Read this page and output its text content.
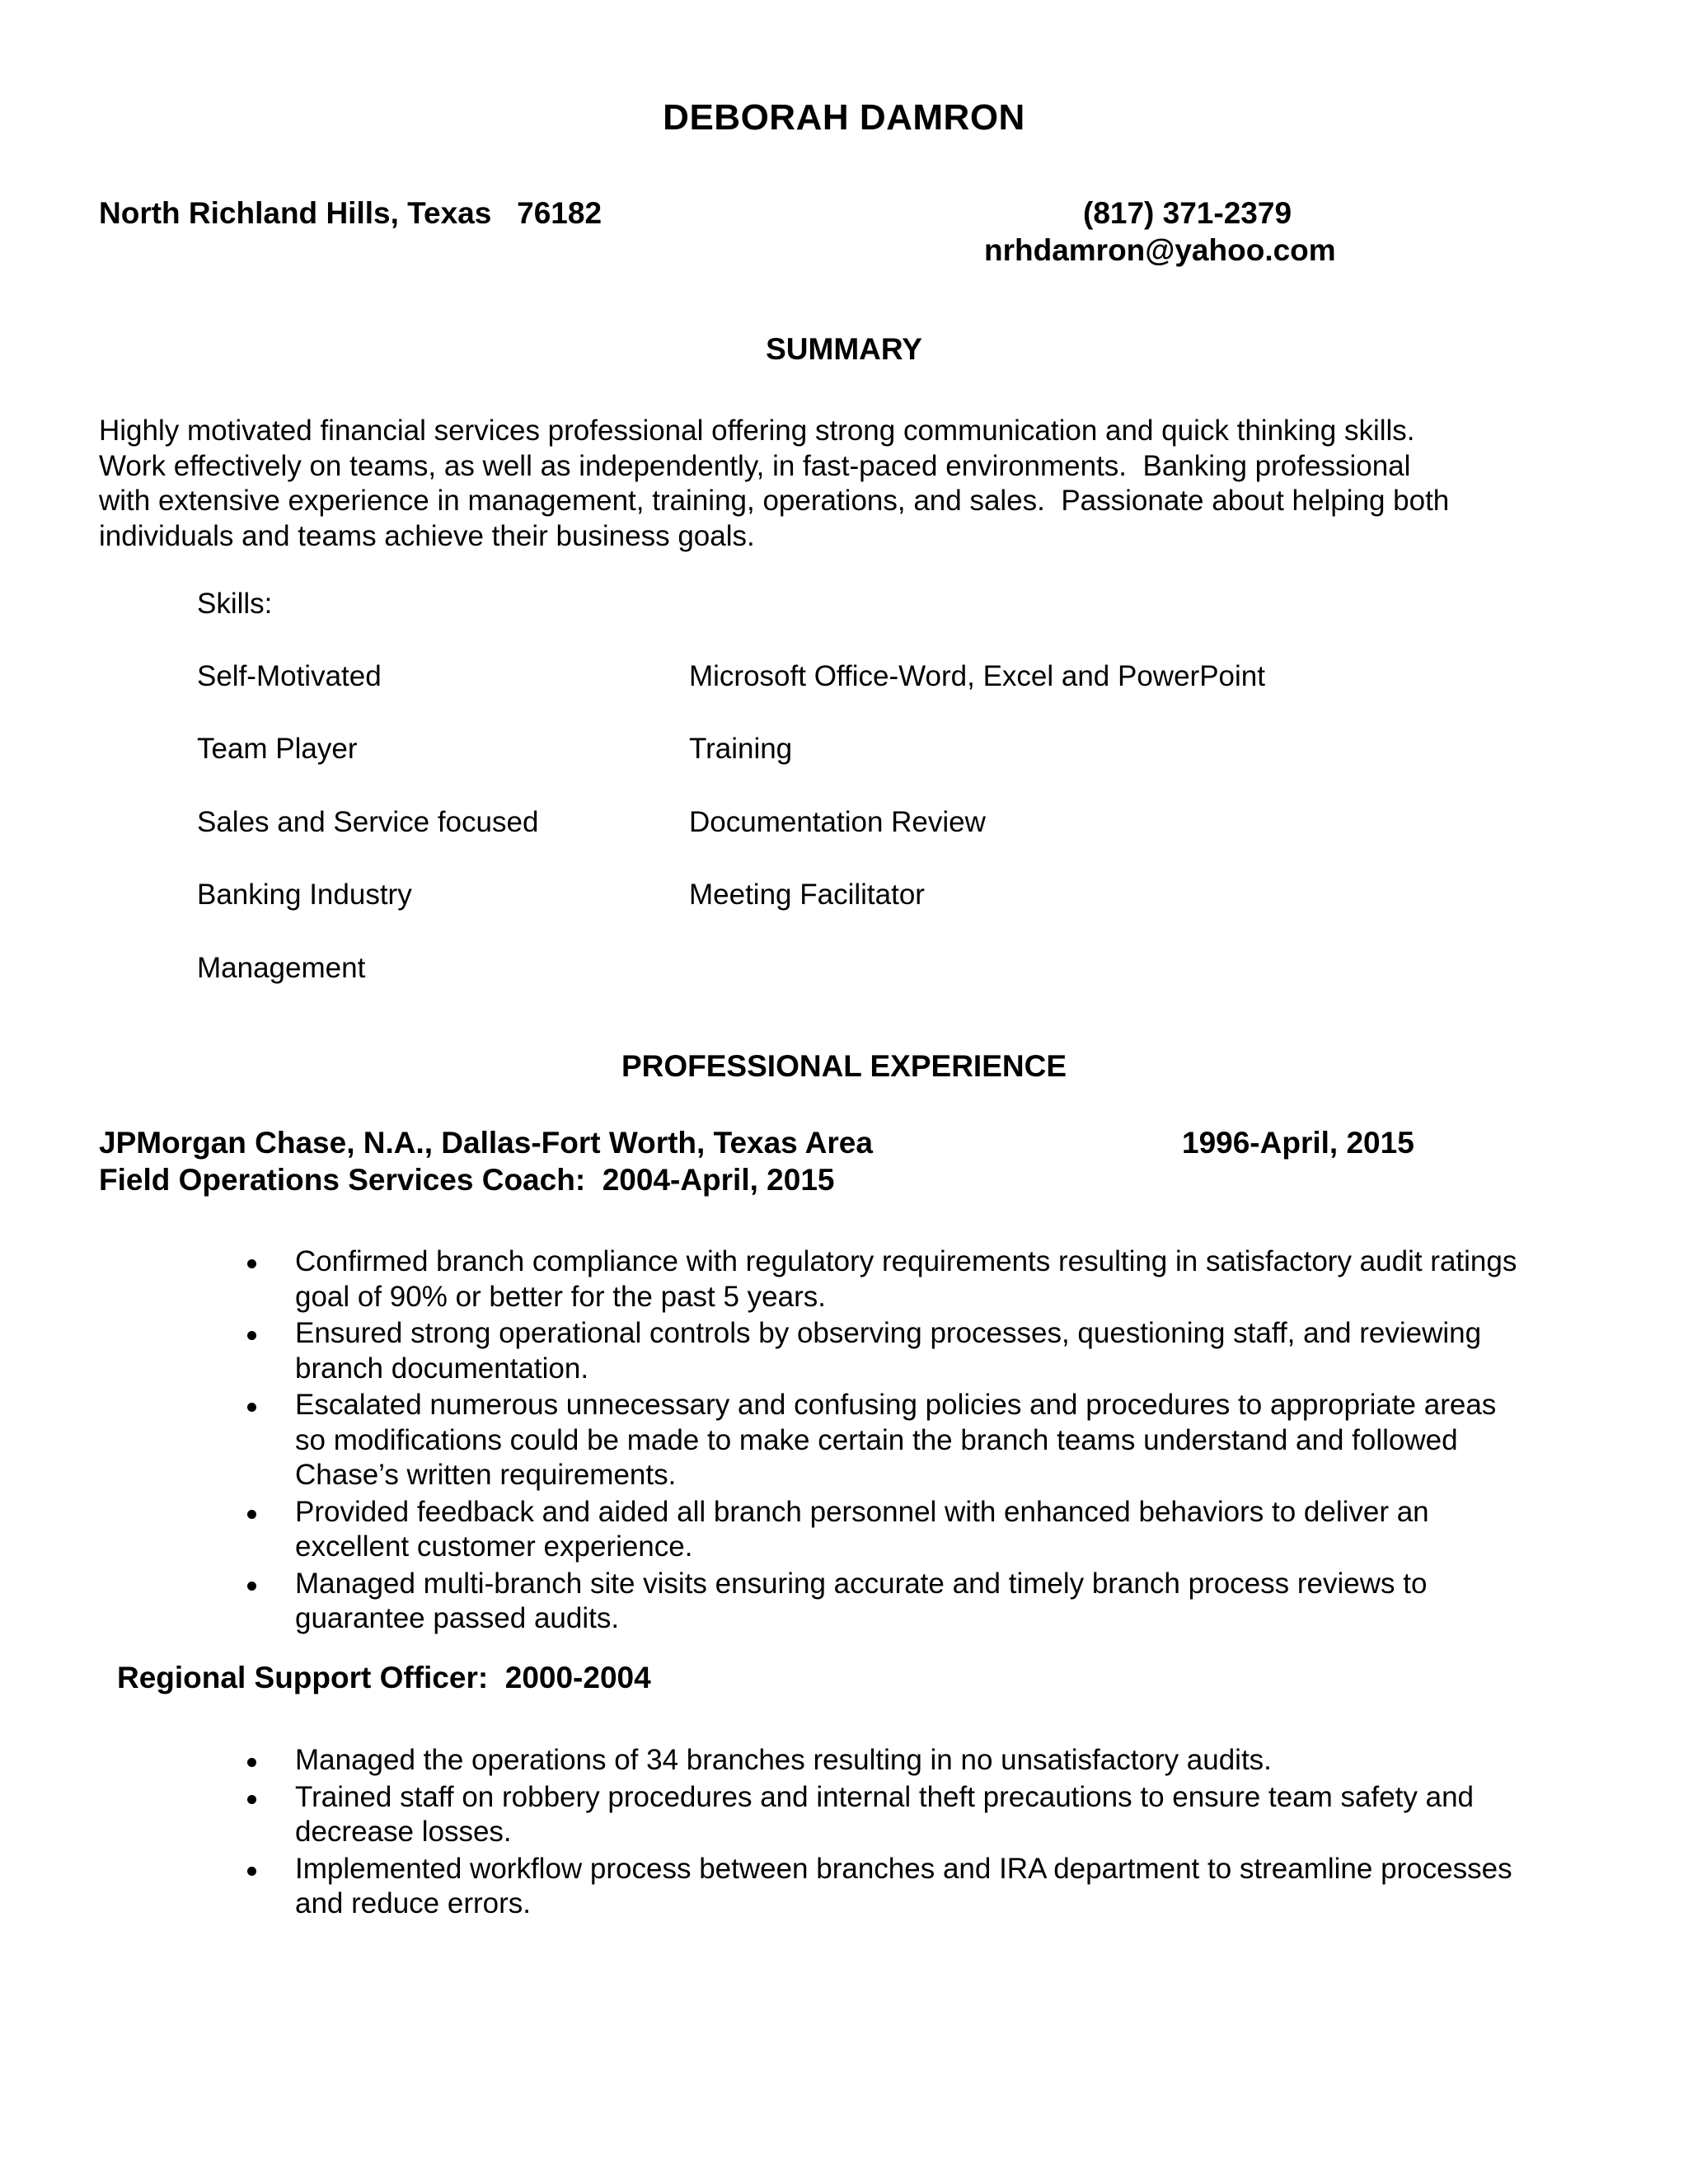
DEBORAH DAMRON
North Richland Hills, Texas   76182	(817) 371-2379
nrhdamron@yahoo.com
SUMMARY
Highly motivated financial services professional offering strong communication and quick thinking skills.
Work effectively on teams, as well as independently, in fast-paced environments.  Banking professional
with extensive experience in management, training, operations, and sales.  Passionate about helping both
individuals and teams achieve their business goals.
Skills:
Self-Motivated
Team Player
Sales and Service focused
Banking Industry
Management
Microsoft Office-Word, Excel and PowerPoint
Training
Documentation Review
Meeting Facilitator
PROFESSIONAL EXPERIENCE
JPMorgan Chase, N.A., Dallas-Fort Worth, Texas Area	1996-April, 2015
Field Operations Services Coach:  2004-April, 2015
Confirmed branch compliance with regulatory requirements resulting in satisfactory audit ratings
goal of 90% or better for the past 5 years.
Ensured strong operational controls by observing processes, questioning staff, and reviewing
branch documentation.
Escalated numerous unnecessary and confusing policies and procedures to appropriate areas
so modifications could be made to make certain the branch teams understand and followed
Chase’s written requirements.
Provided feedback and aided all branch personnel with enhanced behaviors to deliver an
excellent customer experience.
Managed multi-branch site visits ensuring accurate and timely branch process reviews to
guarantee passed audits.
Regional Support Officer:  2000-2004
Managed the operations of 34 branches resulting in no unsatisfactory audits.
Trained staff on robbery procedures and internal theft precautions to ensure team safety and
decrease losses.
Implemented workflow process between branches and IRA department to streamline processes
and reduce errors.
